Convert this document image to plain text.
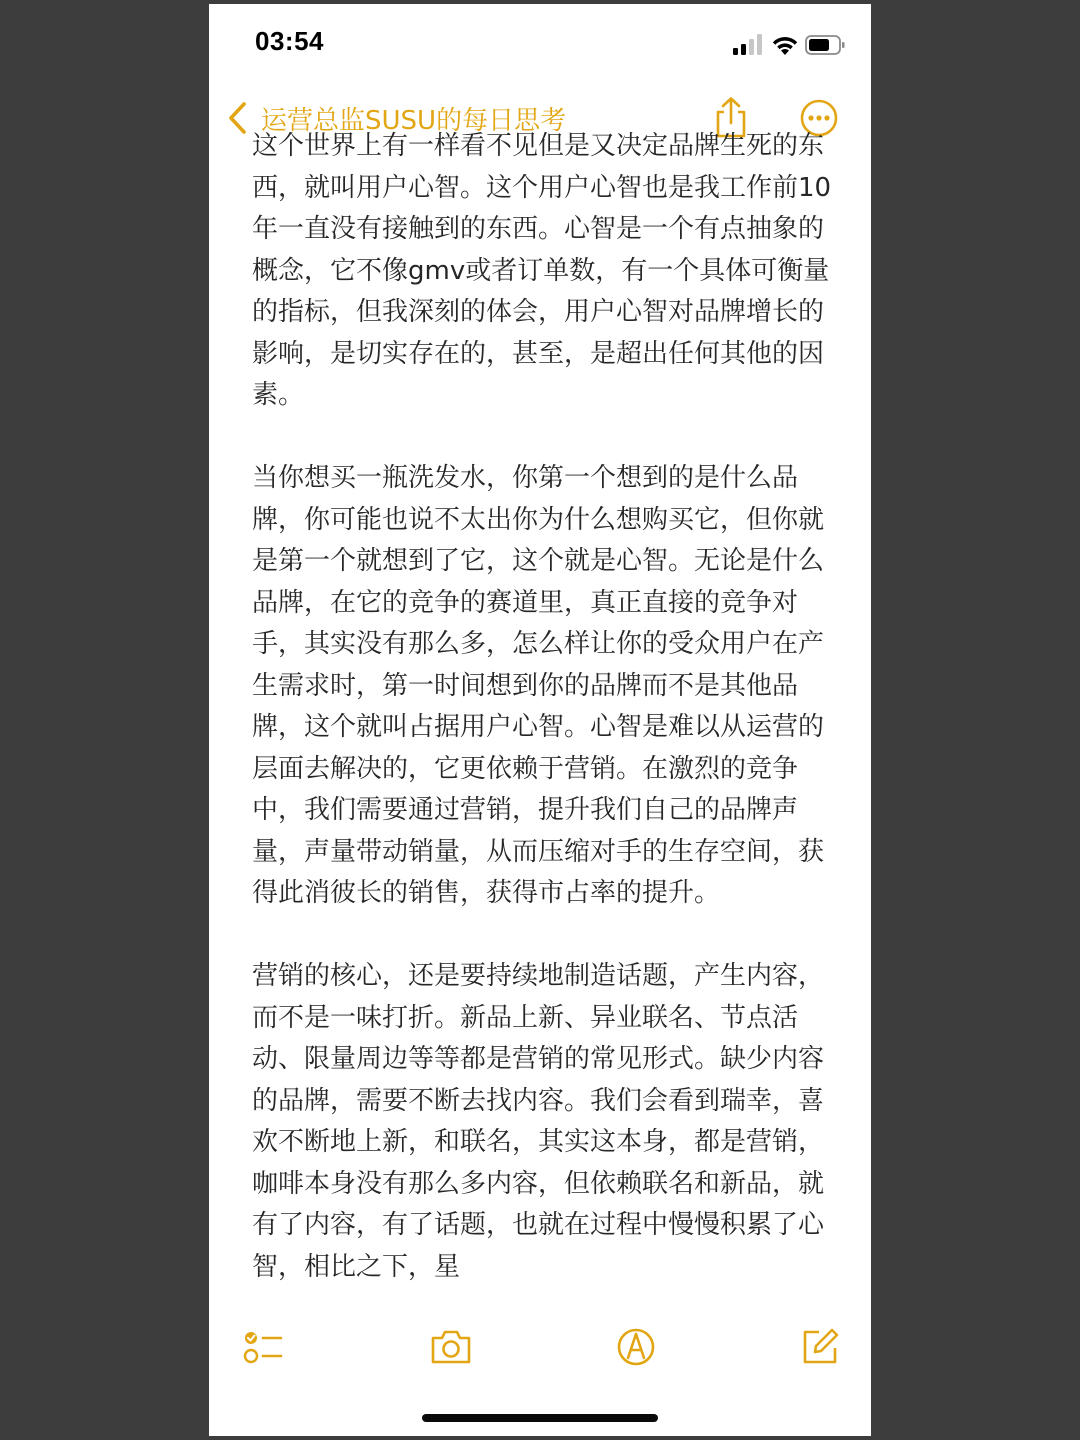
03:54
运营总监SUSU的每日思考

这个世界上有一样看不见但是又决定品牌生死的东西，就叫用户心智。这个用户心智也是我工作前10年一直没有接触到的东西。心智是一个有点抽象的概念，它不像gmv或者订单数，有一个具体可衡量的指标，但我深刻的体会，用户心智对品牌增长的影响，是切实存在的，甚至，是超出任何其他的因素。

当你想买一瓶洗发水，你第一个想到的是什么品牌，你可能也说不太出你为什么想购买它，但你就是第一个就想到了它，这个就是心智。无论是什么品牌，在它的竞争的赛道里，真正直接的竞争对手，其实没有那么多，怎么样让你的受众用户在产生需求时，第一时间想到你的品牌而不是其他品牌，这个就叫占据用户心智。心智是难以从运营的层面去解决的，它更依赖于营销。在激烈的竞争中，我们需要通过营销，提升我们自己的品牌声量，声量带动销量，从而压缩对手的生存空间，获得此消彼长的销售，获得市占率的提升。

营销的核心，还是要持续地制造话题，产生内容，而不是一味打折。新品上新、异业联名、节点活动、限量周边等等都是营销的常见形式。缺少内容的品牌，需要不断去找内容。我们会看到瑞幸，喜欢不断地上新，和联名，其实这本身，都是营销，咖啡本身没有那么多内容，但依赖联名和新品，就有了内容，有了话题，也就在过程中慢慢积累了心智，相比之下，星
